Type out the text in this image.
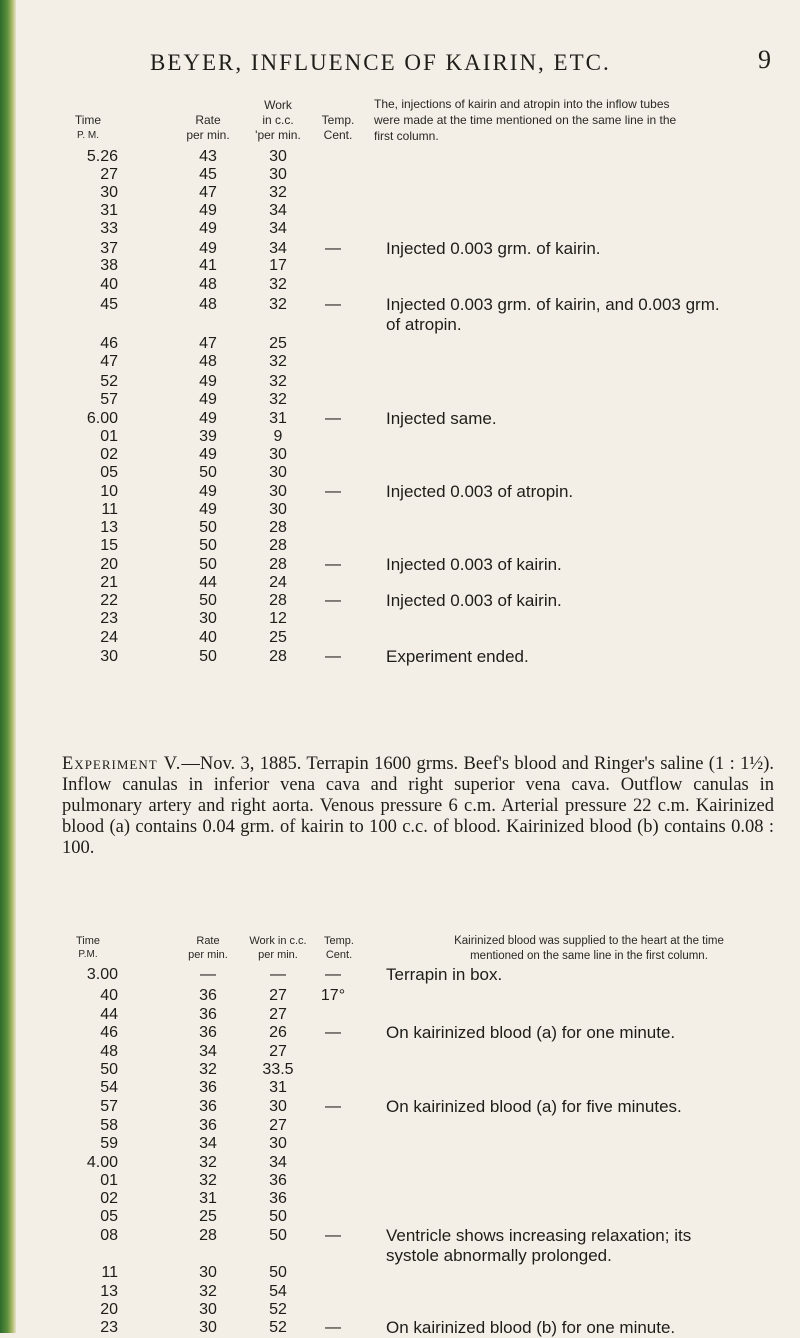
BEYER, INFLUENCE OF KAIRIN, ETC.	9
Time
P. M.
Rate
per min.
Work
in c.c.
'per min.
Temp.
Cent.
The, injections of kairin and atropin into the inflow tubes
were made at the time mentioned on the same line in the
first column.
5.26	43	30
27	45	30
30	47	32
31	49	34
33	49	34
37	49	34	—	Injected 0.003 grm. of kairin.
38	41	17
40	48	32
45	48	32	—	Injected 0.003 grm. of kairin, and 0.003 grm.
of atropin.
46	47	25
47	48	32
52	49	32
57	49	32
6.00	49	31	—	Injected same.
01	39	9
02	49	30
05	50	30
10	49	30	—	Injected 0.003 of atropin.
11	49	30
13	50	28
15	50	28
20	50	28	—	Injected 0.003 of kairin.
21	44	24
22	50	28	—	Injected 0.003 of kairin.
23	30	12
24	40	25
30	50	28	—	Experiment ended.

Experiment V.—Nov. 3, 1885. Terrapin 1600 grms. Beef's blood and Ringer's saline (1 : 1½). Inflow canulas in inferior vena cava and right superior vena cava. Outflow canulas in pulmonary artery and right aorta. Venous pressure 6 c.m. Arterial pressure 22 c.m. Kairinized blood (a) contains 0.04 grm. of kairin to 100 c.c. of blood. Kairinized blood (b) contains 0.08 : 100.

Time
P.M.
Rate
per min.
Work in c.c.
per min.
Temp.
Cent.
Kairinized blood was supplied to the heart at the time
mentioned on the same line in the first column.
3.00	—	—	—	Terrapin in box.
40	36	27	17°
44	36	27
46	36	26	—	On kairinized blood (a) for one minute.
48	34	27
50	32	33.5
54	36	31
57	36	30	—	On kairinized blood (a) for five minutes.
58	36	27
59	34	30
4.00	32	34
01	32	36
02	31	36
05	25	50
08	28	50	—	Ventricle shows increasing relaxation; its
systole abnormally prolonged.
11	30	50
13	32	54
20	30	52
23	30	52	—	On kairinized blood (b) for one minute.
